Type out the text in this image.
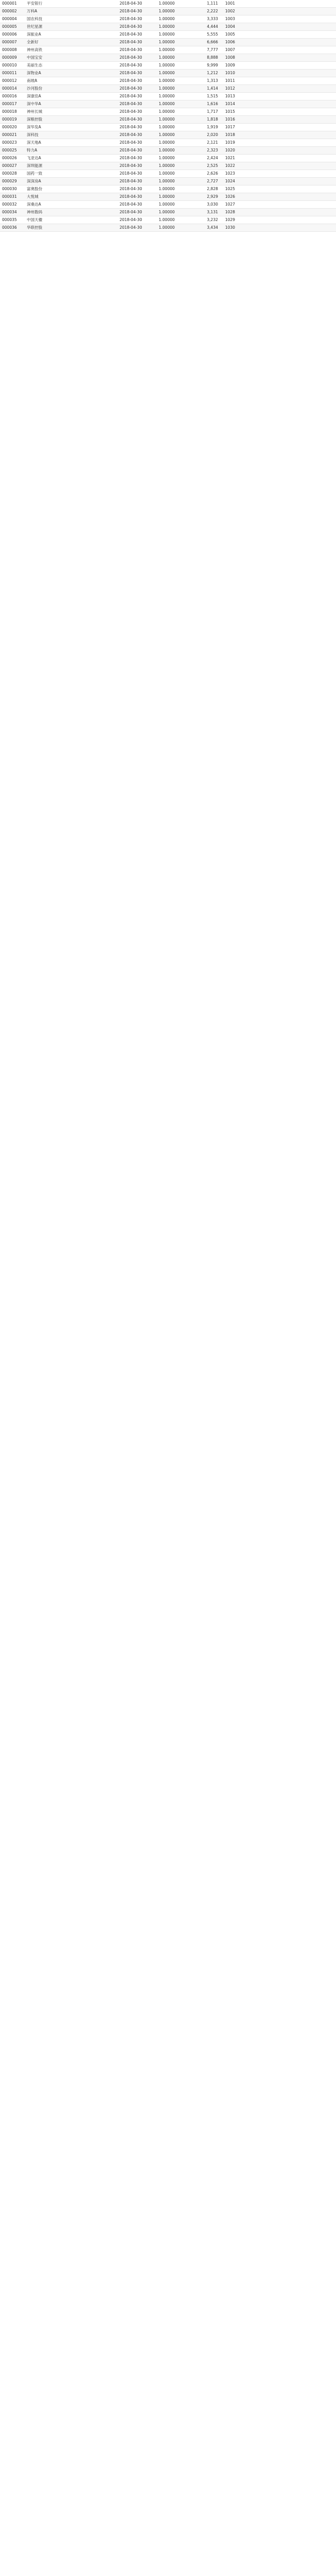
000001	平安银行	2018-04-30	1.00000	1,111	1001
000002	万科A	2018-04-30	1.00000	2,222	1002
000004	国农科技	2018-04-30	1.00000	3,333	1003
000005	世纪星源	2018-04-30	1.00000	4,444	1004
000006	深振业A	2018-04-30	1.00000	5,555	1005
000007	全新好	2018-04-30	1.00000	6,666	1006
000008	神州高铁	2018-04-30	1.00000	7,777	1007
000009	中国宝安	2018-04-30	1.00000	8,888	1008
000010	美丽生态	2018-04-30	1.00000	9,999	1009
000011	深物业A	2018-04-30	1.00000	1,212	1010
000012	南玻A	2018-04-30	1.00000	1,313	1011
000014	沙河股份	2018-04-30	1.00000	1,414	1012
000016	深康佳A	2018-04-30	1.00000	1,515	1013
000017	深中华A	2018-04-30	1.00000	1,616	1014
000018	神州长城	2018-04-30	1.00000	1,717	1015
000019	深粮控股	2018-04-30	1.00000	1,818	1016
000020	深华发A	2018-04-30	1.00000	1,919	1017
000021	深科技	2018-04-30	1.00000	2,020	1018
000023	深天地A	2018-04-30	1.00000	2,121	1019
000025	特力A	2018-04-30	1.00000	2,323	1020
000026	飞亚达A	2018-04-30	1.00000	2,424	1021
000027	深圳能源	2018-04-30	1.00000	2,525	1022
000028	国药一致	2018-04-30	1.00000	2,626	1023
000029	深深房A	2018-04-30	1.00000	2,727	1024
000030	富奥股份	2018-04-30	1.00000	2,828	1025
000031	大悦城	2018-04-30	1.00000	2,929	1026
000032	深桑达A	2018-04-30	1.00000	3,030	1027
000034	神州数码	2018-04-30	1.00000	3,131	1028
000035	中国天楹	2018-04-30	1.00000	3,232	1029
000036	华联控股	2018-04-30	1.00000	3,434	1030
